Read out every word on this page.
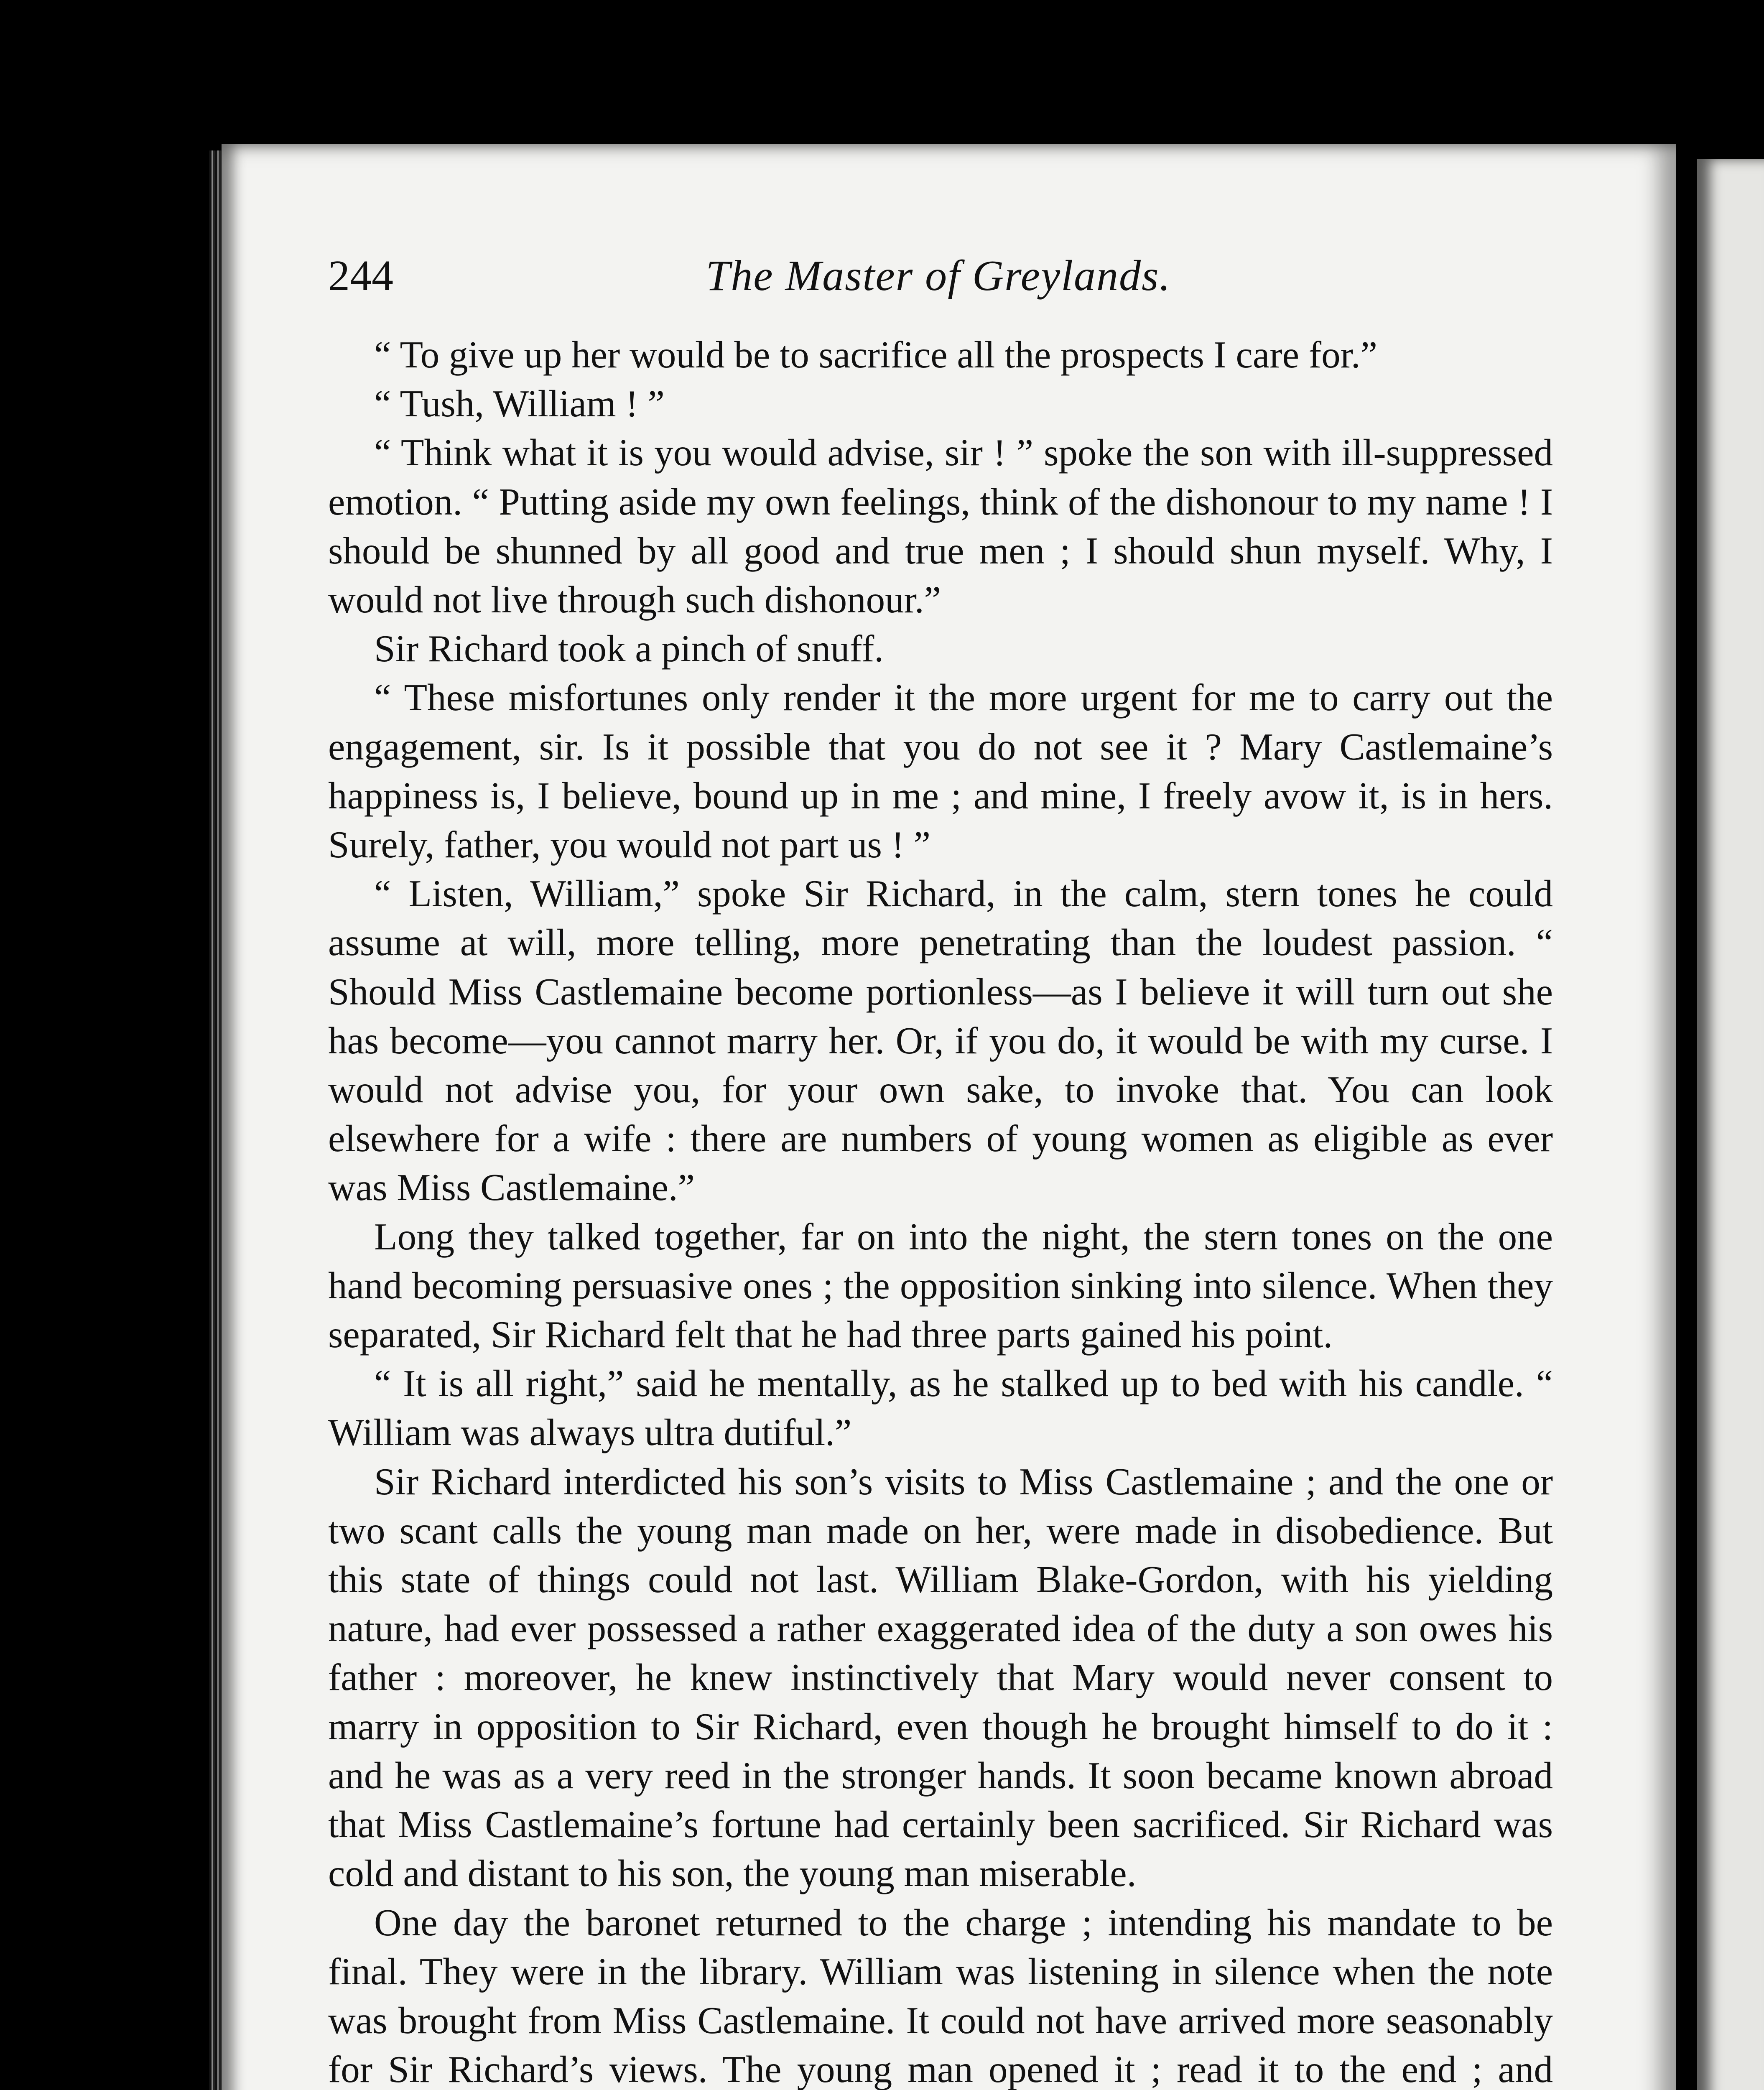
244	The Master of Greylands.

“ To give up her would be to sacrifice all the prospects I care for.”

“ Tush, William ! ”

“ Think what it is you would advise, sir ! ” spoke the son with ill-suppressed emotion. “ Putting aside my own feelings, think of the dishonour to my name ! I should be shunned by all good and true men ; I should shun myself. Why, I would not live through such dishonour.”

Sir Richard took a pinch of snuff.

“ These misfortunes only render it the more urgent for me to carry out the engagement, sir. Is it possible that you do not see it ? Mary Castlemaine’s happiness is, I believe, bound up in me ; and mine, I freely avow it, is in hers. Surely, father, you would not part us ! ”

“ Listen, William,” spoke Sir Richard, in the calm, stern tones he could assume at will, more telling, more penetrating than the loudest passion. “ Should Miss Castlemaine become portionless—as I believe it will turn out she has become—you cannot marry her. Or, if you do, it would be with my curse. I would not advise you, for your own sake, to invoke that. You can look elsewhere for a wife : there are numbers of young women as eligible as ever was Miss Castlemaine.”

Long they talked together, far on into the night, the stern tones on the one hand becoming persuasive ones ; the opposition sinking into silence. When they separated, Sir Richard felt that he had three parts gained his point.

“ It is all right,” said he mentally, as he stalked up to bed with his candle. “ William was always ultra dutiful.”

Sir Richard interdicted his son’s visits to Miss Castlemaine ; and the one or two scant calls the young man made on her, were made in disobedience. But this state of things could not last. William Blake-Gordon, with his yielding nature, had ever possessed a rather exaggerated idea of the duty a son owes his father : moreover, he knew instinctively that Mary would never consent to marry in opposition to Sir Richard, even though he brought himself to do it : and he was as a very reed in the stronger hands. It soon became known abroad that Miss Castlemaine’s fortune had certainly been sacrificed. Sir Richard was cold and distant to his son, the young man miserable.

One day the baronet returned to the charge ; intending his mandate to be final. They were in the library. William was listening in silence when the note was brought from Miss Castlemaine. It could not have arrived more seasonably for Sir Richard’s views. The young man opened it ; read it to the end ; and
